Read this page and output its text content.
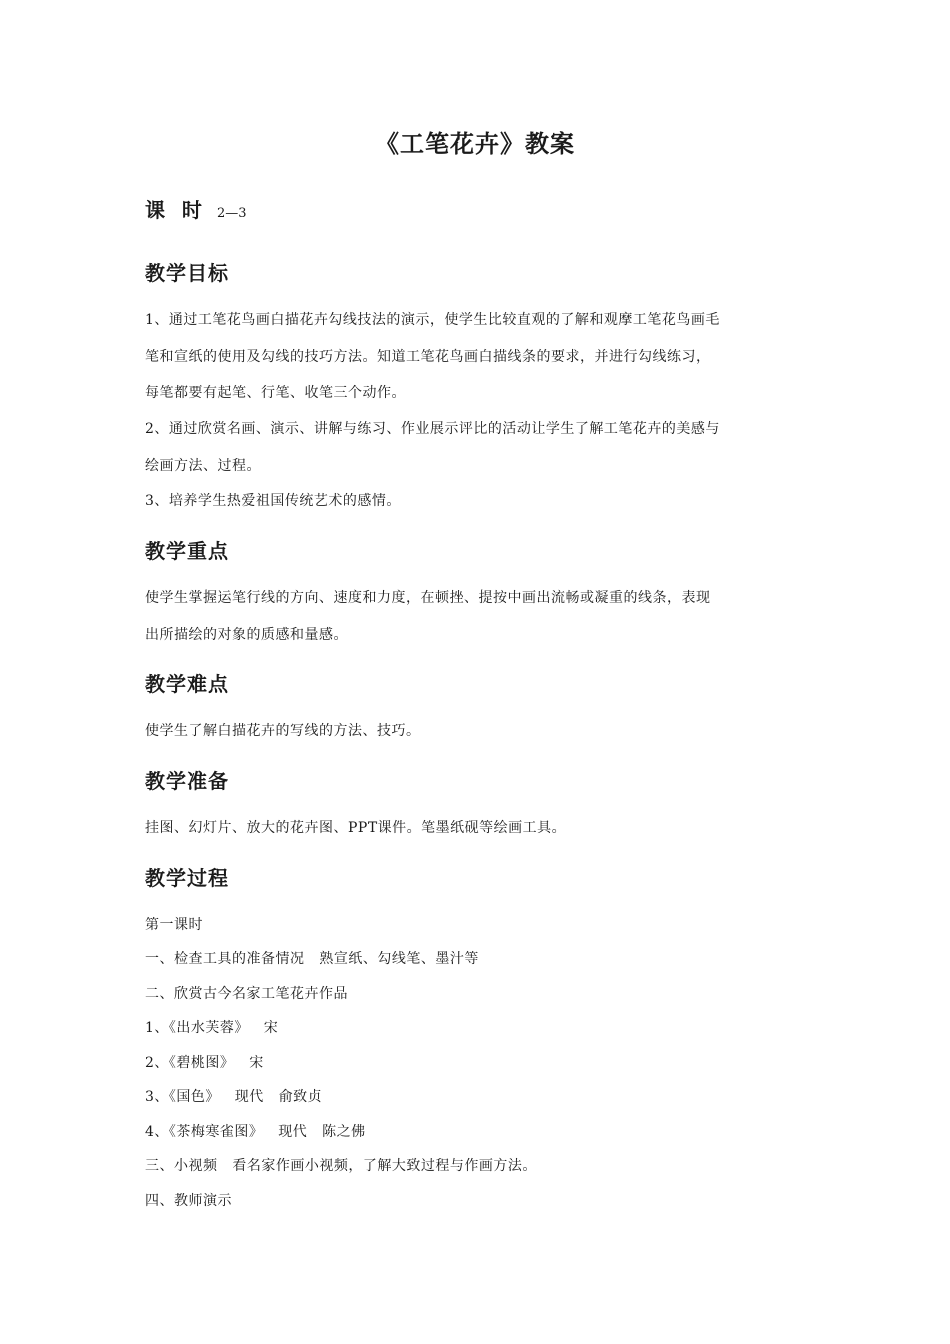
《工笔花卉》教案
课  时 2—3
教学目标
1、通过工笔花鸟画白描花卉勾线技法的演示，使学生比较直观的了解和观摩工笔花鸟画毛
笔和宣纸的使用及勾线的技巧方法。知道工笔花鸟画白描线条的要求，并进行勾线练习，
每笔都要有起笔、行笔、收笔三个动作。
2、通过欣赏名画、演示、讲解与练习、作业展示评比的活动让学生了解工笔花卉的美感与
绘画方法、过程。
3、培养学生热爱祖国传统艺术的感情。
教学重点
使学生掌握运笔行线的方向、速度和力度，在顿挫、提按中画出流畅或凝重的线条，表现
出所描绘的对象的质感和量感。
教学难点
使学生了解白描花卉的写线的方法、技巧。
教学准备
挂图、幻灯片、放大的花卉图、PPT课件。笔墨纸砚等绘画工具。
教学过程
第一课时
一、检查工具的准备情况   熟宣纸、勾线笔、墨汁等
二、欣赏古今名家工笔花卉作品
1、《出水芙蓉》   宋
2、《碧桃图》   宋
3、《国色》   现代   俞致贞
4、《茶梅寒雀图》   现代   陈之佛
三、小视频   看名家作画小视频，了解大致过程与作画方法。
四、教师演示
